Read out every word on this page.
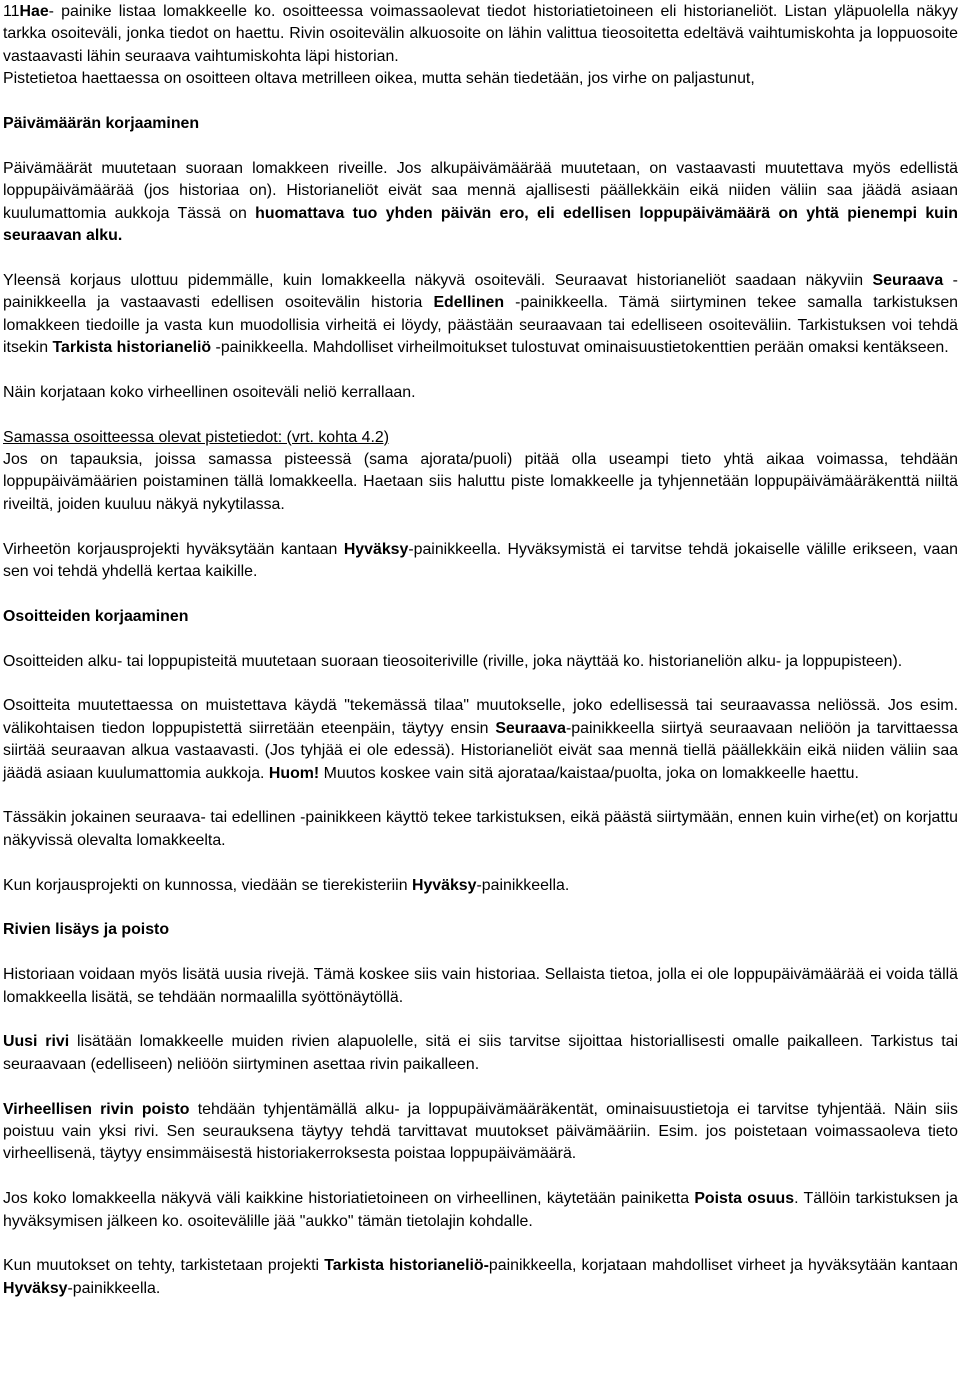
11Hae- painike listaa lomakkeelle ko. osoitteessa voimassaolevat tiedot historiatietoineen eli historianeliöt. Listan yläpuolella näkyy tarkka osoiteväli, jonka tiedot on haettu. Rivin osoitevälin alkuosoite on lähin valittua tieosoitetta edeltävä vaihtumiskohta ja loppuosoite vastaavasti lähin seuraava vaihtumiskohta läpi historian.

Pistetietoa haettaessa on osoitteen oltava metrilleen oikea, mutta sehän tiedetään, jos virhe on paljastunut,

Päivämäärän korjaaminen

Päivämäärät muutetaan suoraan lomakkeen riveille. Jos alkupäivämäärää muutetaan, on vastaavasti muutettava myös edellistä loppupäivämäärää (jos historiaa on). Historianeliöt eivät saa mennä ajallisesti päällekkäin eikä niiden väliin saa jäädä asiaan kuulumattomia aukkoja Tässä on huomattava tuo yhden päivän ero, eli edellisen loppupäivämäärä on yhtä pienempi kuin seuraavan alku.

Yleensä korjaus ulottuu pidemmälle, kuin lomakkeella näkyvä osoiteväli. Seuraavat historianeliöt saadaan näkyviin Seuraava -painikkeella ja vastaavasti edellisen osoitevälin historia Edellinen -painikkeella. Tämä siirtyminen tekee samalla tarkistuksen lomakkeen tiedoille ja vasta kun muodollisia virheitä ei löydy, päästään seuraavaan tai edelliseen osoiteväliin. Tarkistuksen voi tehdä itsekin Tarkista historianeliö -painikkeella. Mahdolliset virheilmoitukset tulostuvat ominaisuustietokenttien perään omaksi kentäkseen.

Näin korjataan koko virheellinen osoiteväli neliö kerrallaan.

Samassa osoitteessa olevat pistetiedot: (vrt. kohta 4.2)
Jos on tapauksia, joissa samassa pisteessä (sama ajorata/puoli) pitää olla useampi tieto yhtä aikaa voimassa, tehdään loppupäivämäärien poistaminen tällä lomakkeella. Haetaan siis haluttu piste lomakkeelle ja tyhjennetään loppupäivämääräkenttä niiltä riveiltä, joiden kuuluu näkyä nykytilassa.

Virheetön korjausprojekti hyväksytään kantaan Hyväksy-painikkeella. Hyväksymistä ei tarvitse tehdä jokaiselle välille erikseen, vaan sen voi tehdä yhdellä kertaa kaikille.

Osoitteiden korjaaminen

Osoitteiden alku- tai loppupisteitä muutetaan suoraan tieosoiteriville (riville, joka näyttää ko. historianeliön alku- ja loppupisteen).

Osoitteita muutettaessa on muistettava käydä "tekemässä tilaa" muutokselle, joko edellisessä tai seuraavassa neliössä. Jos esim. välikohtaisen tiedon loppupistettä siirretään eteenpäin, täytyy ensin Seuraava-painikkeella siirtyä seuraavaan neliöön ja tarvittaessa siirtää seuraavan alkua vastaavasti. (Jos tyhjää ei ole edessä). Historianeliöt eivät saa mennä tiellä päällekkäin eikä niiden väliin saa jäädä asiaan kuulumattomia aukkoja. Huom! Muutos koskee vain sitä ajorataa/kaistaa/puolta, joka on lomakkeelle haettu.

Tässäkin jokainen seuraava- tai edellinen -painikkeen käyttö tekee tarkistuksen, eikä päästä siirtymään, ennen kuin virhe(et) on korjattu näkyvissä olevalta lomakkeelta.

Kun korjausprojekti on kunnossa, viedään se tierekisteriin Hyväksy-painikkeella.

Rivien lisäys ja poisto

Historiaan voidaan myös lisätä uusia rivejä. Tämä koskee siis vain historiaa. Sellaista tietoa, jolla ei ole loppupäivämäärää ei voida tällä lomakkeella lisätä, se tehdään normaalilla syöttönäytöllä.

Uusi rivi lisätään lomakkeelle muiden rivien alapuolelle, sitä ei siis tarvitse sijoittaa historiallisesti omalle paikalleen. Tarkistus tai seuraavaan (edelliseen) neliöön siirtyminen asettaa rivin paikalleen.

Virheellisen rivin poisto tehdään tyhjentämällä alku- ja loppupäivämääräkentät, ominaisuustietoja ei tarvitse tyhjentää. Näin siis poistuu vain yksi rivi. Sen seurauksena täytyy tehdä tarvittavat muutokset päivämääriin. Esim. jos poistetaan voimassaoleva tieto virheellisenä, täytyy ensimmäisestä historiakerroksesta poistaa loppupäivämäärä.

Jos koko lomakkeella näkyvä väli kaikkine historiatietoineen on virheellinen, käytetään painiketta Poista osuus. Tällöin tarkistuksen ja hyväksymisen jälkeen ko. osoitevälille jää "aukko" tämän tietolajin kohdalle.

Kun muutokset on tehty, tarkistetaan projekti Tarkista historianeliö-painikkeella, korjataan mahdolliset virheet ja hyväksytään kantaan Hyväksy-painikkeella.
